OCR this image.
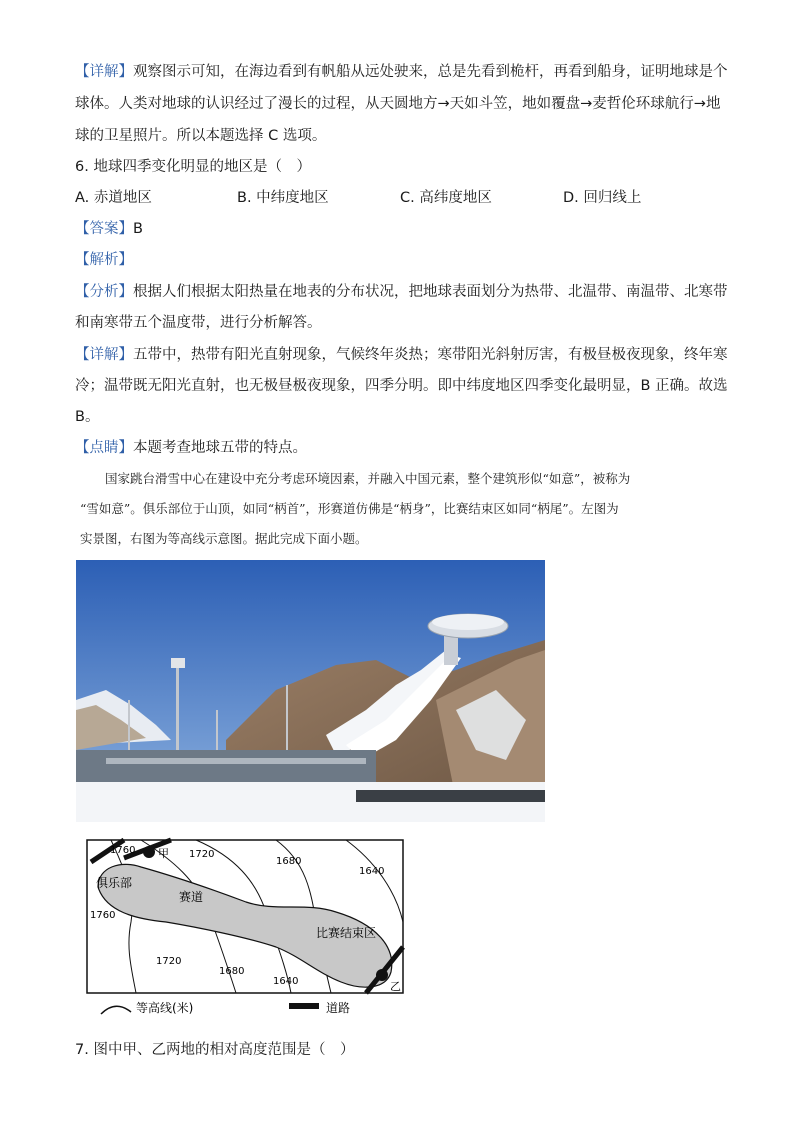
【详解】观察图示可知，在海边看到有帆船从远处驶来，总是先看到桅杆，再看到船身，证明地球是个
球体。人类对地球的认识经过了漫长的过程，从天圆地方→天如斗笠，地如覆盘→麦哲伦环球航行→地
球的卫星照片。所以本题选择 C 选项。
6. 地球四季变化明显的地区是（　）
A. 赤道地区	B. 中纬度地区	C. 高纬度地区	D. 回归线上
【答案】B
【解析】
【分析】根据人们根据太阳热量在地表的分布状况，把地球表面划分为热带、北温带、南温带、北寒带
和南寒带五个温度带，进行分析解答。
【详解】五带中，热带有阳光直射现象，气候终年炎热；寒带阳光斜射厉害，有极昼极夜现象，终年寒
冷；温带既无阳光直射，也无极昼极夜现象，四季分明。即中纬度地区四季变化最明显，B 正确。故选
B。
【点睛】本题考查地球五带的特点。
国家跳台滑雪中心在建设中充分考虑环境因素，并融入中国元素，整个建筑形似“如意”，被称为
“雪如意”。俱乐部位于山顶，如同“柄首”，形赛道仿佛是“柄身”，比赛结束区如同“柄尾”。左图为
实景图，右图为等高线示意图。据此完成下面小题。
甲
乙
1760	1720
1680
1640
1760
1720
1680
1640
俱乐部
赛道
比赛结束区
等高线(米)	道路
7. 图中甲、乙两地的相对高度范围是（　）
